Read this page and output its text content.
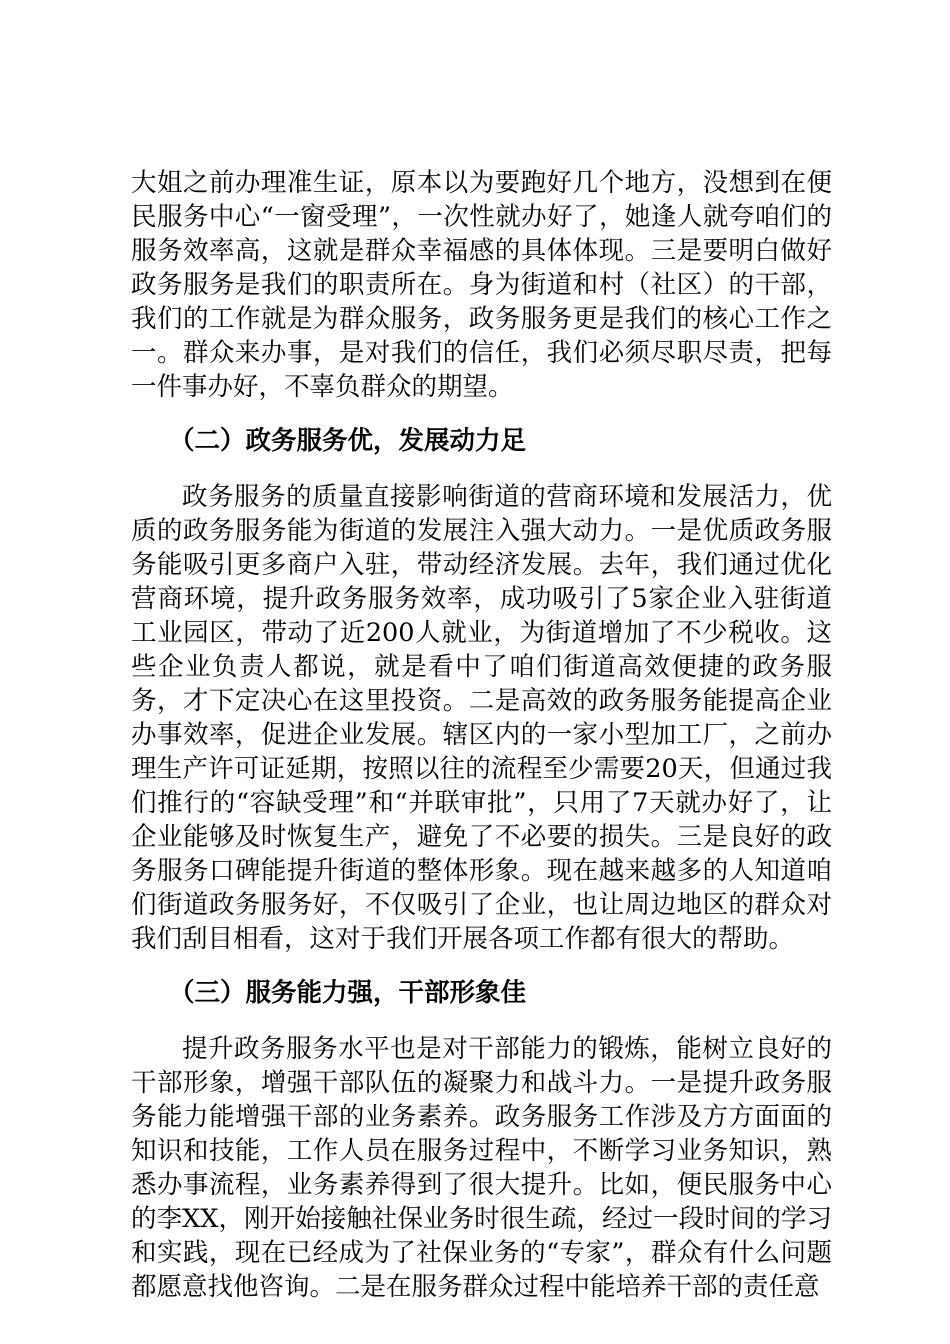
大姐之前办理准生证，原本以为要跑好几个地方，没想到在便民服务中心“一窗受理”，一次性就办好了，她逢人就夸咱们的服务效率高，这就是群众幸福感的具体体现。三是要明白做好政务服务是我们的职责所在。身为街道和村（社区）的干部，我们的工作就是为群众服务，政务服务更是我们的核心工作之一。群众来办事，是对我们的信任，我们必须尽职尽责，把每一件事办好，不辜负群众的期望。

（二）政务服务优，发展动力足

政务服务的质量直接影响街道的营商环境和发展活力，优质的政务服务能为街道的发展注入强大动力。一是优质政务服务能吸引更多商户入驻，带动经济发展。去年，我们通过优化营商环境，提升政务服务效率，成功吸引了5家企业入驻街道工业园区，带动了近200人就业，为街道增加了不少税收。这些企业负责人都说，就是看中了咱们街道高效便捷的政务服务，才下定决心在这里投资。二是高效的政务服务能提高企业办事效率，促进企业发展。辖区内的一家小型加工厂，之前办理生产许可证延期，按照以往的流程至少需要20天，但通过我们推行的“容缺受理”和“并联审批”，只用了7天就办好了，让企业能够及时恢复生产，避免了不必要的损失。三是良好的政务服务口碑能提升街道的整体形象。现在越来越多的人知道咱们街道政务服务好，不仅吸引了企业，也让周边地区的群众对我们刮目相看，这对于我们开展各项工作都有很大的帮助。

（三）服务能力强，干部形象佳

提升政务服务水平也是对干部能力的锻炼，能树立良好的干部形象，增强干部队伍的凝聚力和战斗力。一是提升政务服务能力能增强干部的业务素养。政务服务工作涉及方方面面的知识和技能，工作人员在服务过程中，不断学习业务知识，熟悉办事流程，业务素养得到了很大提升。比如，便民服务中心的李XX，刚开始接触社保业务时很生疏，经过一段时间的学习和实践，现在已经成为了社保业务的“专家”，群众有什么问题都愿意找他咨询。二是在服务群众过程中能培养干部的责任意
